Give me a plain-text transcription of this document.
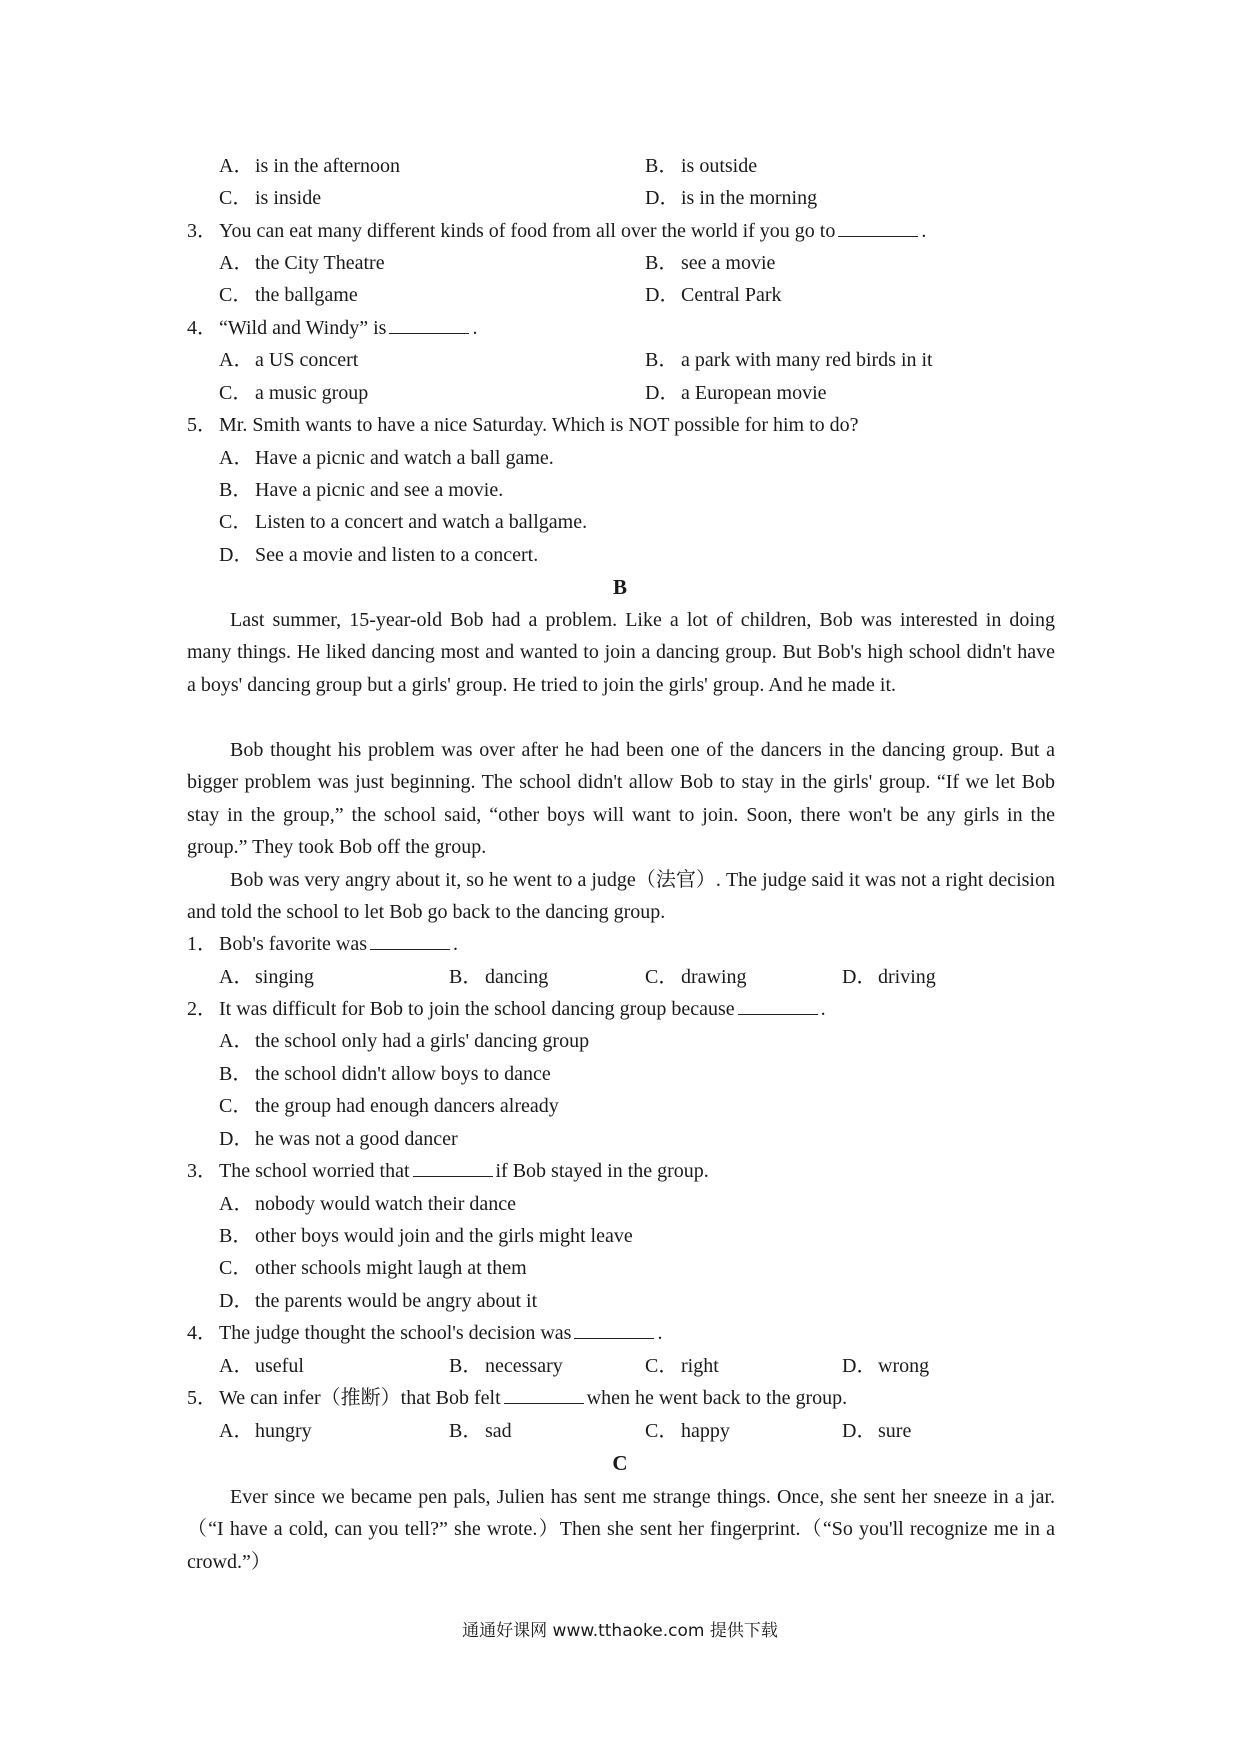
A．is in the afternoon	B． is outside
C． is inside	D．is in the morning
3． You can eat many different kinds of food from all over the world if you go to	.
A．the City Theatre	B． see a movie
C． the ballgame	D．Central Park
4． “Wild and Windy” is	.
A．a US concert	B． a park with many red birds in it
C． a music group	D．a European movie
5． Mr. Smith wants to have a nice Saturday. Which is NOT possible for him to do?
A．Have a picnic and watch a ball game.
B． Have a picnic and see a movie.
C． Listen to a concert and watch a ballgame.
D．See a movie and listen to a concert.
B
Last summer, 15-year-old Bob had a problem. Like a lot of children, Bob was interested in doing many things. He liked dancing most and wanted to join a dancing group. But Bob's high school didn't have a boys' dancing group but a girls' group. He tried to join the girls' group. And he made it.
Bob thought his problem was over after he had been one of the dancers in the dancing group. But a bigger problem was just beginning. The school didn't allow Bob to stay in the girls' group. “If we let Bob stay in the group,” the school said, “other boys will want to join. Soon, there won't be any girls in the group.” They took Bob off the group.
Bob was very angry about it, so he went to a judge（法官）. The judge said it was not a right decision and told the school to let Bob go back to the dancing group.
1． Bob's favorite was	.
A．singing	B． dancing	C． drawing	D．driving
2． It was difficult for Bob to join the school dancing group because	.
A．the school only had a girls' dancing group
B． the school didn't allow boys to dance
C． the group had enough dancers already
D．he was not a good dancer
3． The school worried that	if Bob stayed in the group.
A．nobody would watch their dance
B． other boys would join and the girls might leave
C． other schools might laugh at them
D．the parents would be angry about it
4． The judge thought the school's decision was	.
A．useful	B． necessary	C． right	D．wrong
5． We can infer（推断）that Bob felt	when he went back to the group.
A．hungry	B． sad	C． happy	D．sure
C
Ever since we became pen pals, Julien has sent me strange things. Once, she sent her sneeze in a jar.（“I have a cold, can you tell?” she wrote.）Then she sent her fingerprint.（“So you'll recognize me in a crowd.”）
通通好课网 www.tthaoke.com 提供下载
